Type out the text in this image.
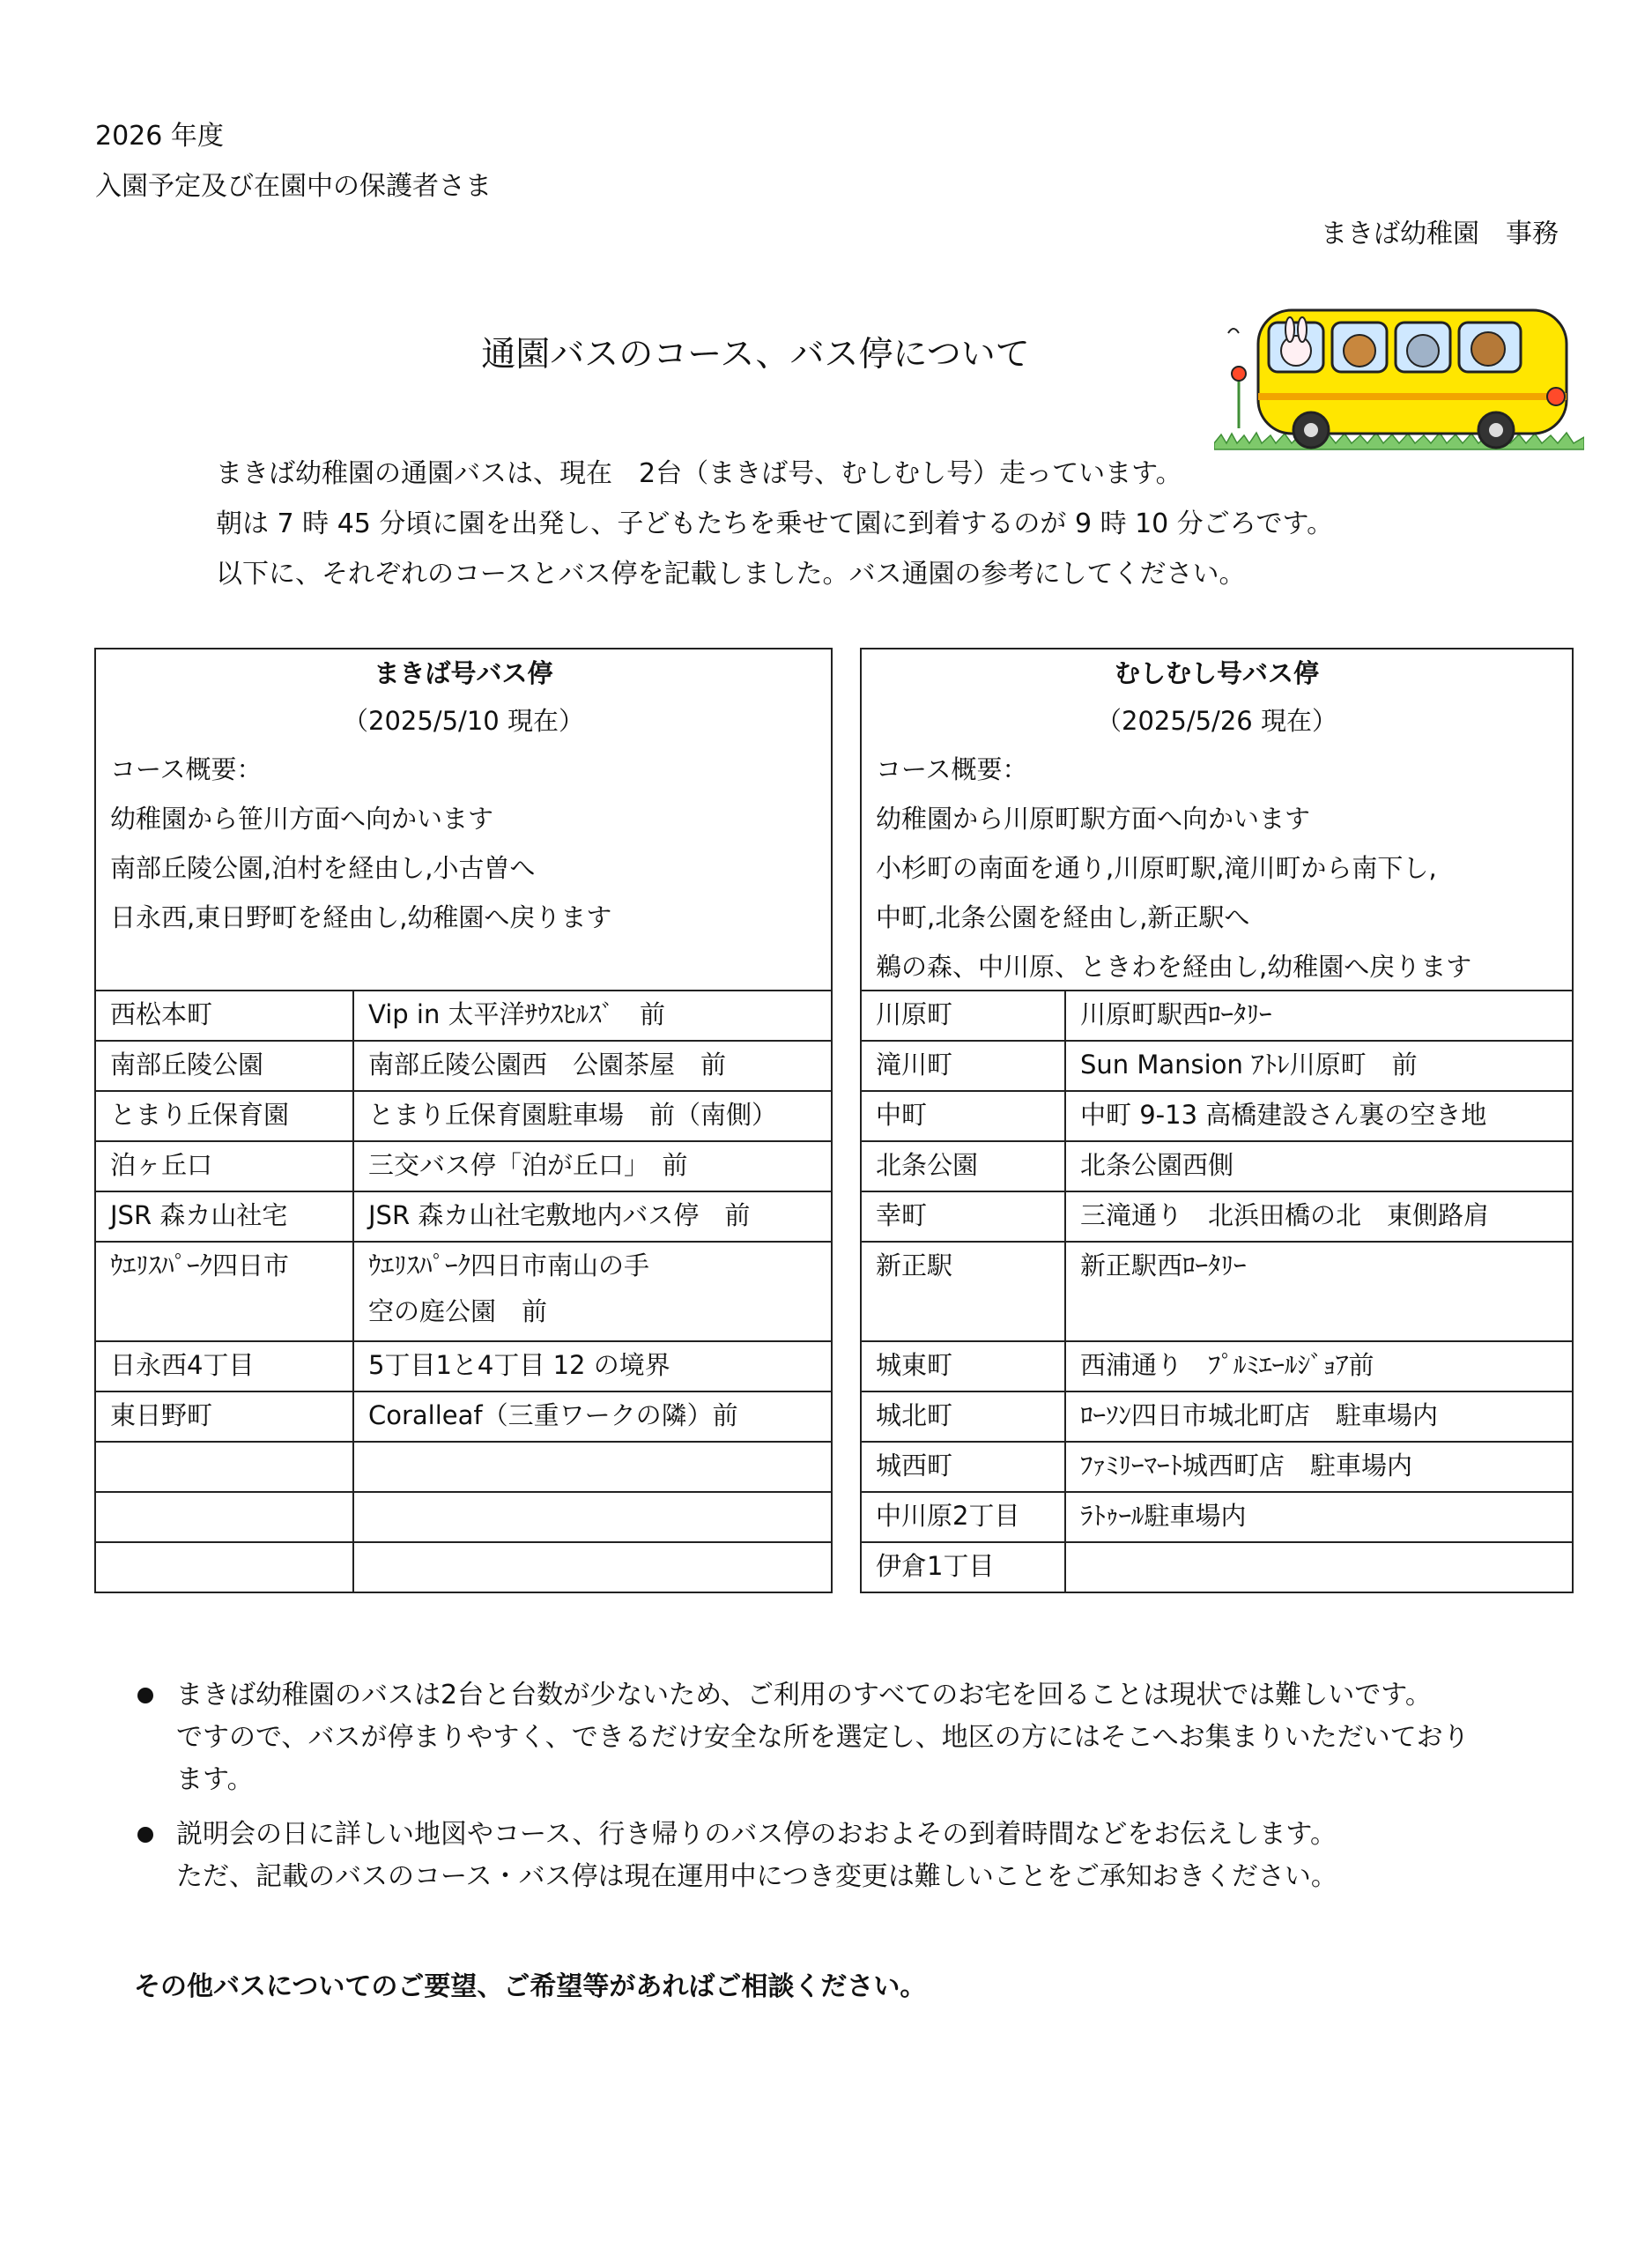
2026 年度
入園予定及び在園中の保護者さま
まきば幼稚園　事務
通園バスのコース、バス停について
まきば幼稚園の通園バスは、現在　2台（まきば号、むしむし号）走っています。
朝は 7 時 45 分頃に園を出発し、子どもたちを乗せて園に到着するのが 9 時 10 分ごろです。
以下に、それぞれのコースとバス停を記載しました。バス通園の参考にしてください。
まきば号バス停
（2025/5/10 現在）
コース概要：
幼稚園から笹川方面へ向かいます
南部丘陵公園,泊村を経由し,小古曽へ
日永西,東日野町を経由し,幼稚園へ戻ります
西松本町	Vip in 太平洋ｻｳｽﾋﾙｽﾞ　前
南部丘陵公園	南部丘陵公園西　公園茶屋　前
とまり丘保育園	とまり丘保育園駐車場　前（南側）
泊ヶ丘口	三交バス停「泊が丘口」　前
JSR 森カ山社宅	JSR 森カ山社宅敷地内バス停　前
ｳｴﾘｽﾊﾟｰｸ四日市	ｳｴﾘｽﾊﾟｰｸ四日市南山の手
空の庭公園　前
日永西4丁目	5丁目1と4丁目 12 の境界
東日野町	Coralleaf（三重ワークの隣）前
むしむし号バス停
（2025/5/26 現在）
コース概要：
幼稚園から川原町駅方面へ向かいます
小杉町の南面を通り,川原町駅,滝川町から南下し,
中町,北条公園を経由し,新正駅へ
鵜の森、中川原、ときわを経由し,幼稚園へ戻ります
川原町	川原町駅西ﾛｰﾀﾘｰ
滝川町	Sun Mansion ｱﾄﾚ川原町　前
中町	中町 9-13 高橋建設さん裏の空き地
北条公園	北条公園西側
幸町	三滝通り　北浜田橋の北　東側路肩
新正駅	新正駅西ﾛｰﾀﾘｰ
城東町	西浦通り　ﾌﾟﾙﾐｴｰﾙｼﾞｮｱ前
城北町	ﾛｰｿﾝ四日市城北町店　駐車場内
城西町	ﾌｧﾐﾘｰﾏｰﾄ城西町店　駐車場内
中川原2丁目	ﾗﾄｩｰﾙ駐車場内
伊倉1丁目
まきば幼稚園のバスは2台と台数が少ないため、ご利用のすべてのお宅を回ることは現状では難しいです。
ですので、バスが停まりやすく、できるだけ安全な所を選定し、地区の方にはそこへお集まりいただいており
ます。
説明会の日に詳しい地図やコース、行き帰りのバス停のおおよその到着時間などをお伝えします。
ただ、記載のバスのコース・バス停は現在運用中につき変更は難しいことをご承知おきください。
その他バスについてのご要望、ご希望等があればご相談ください。
